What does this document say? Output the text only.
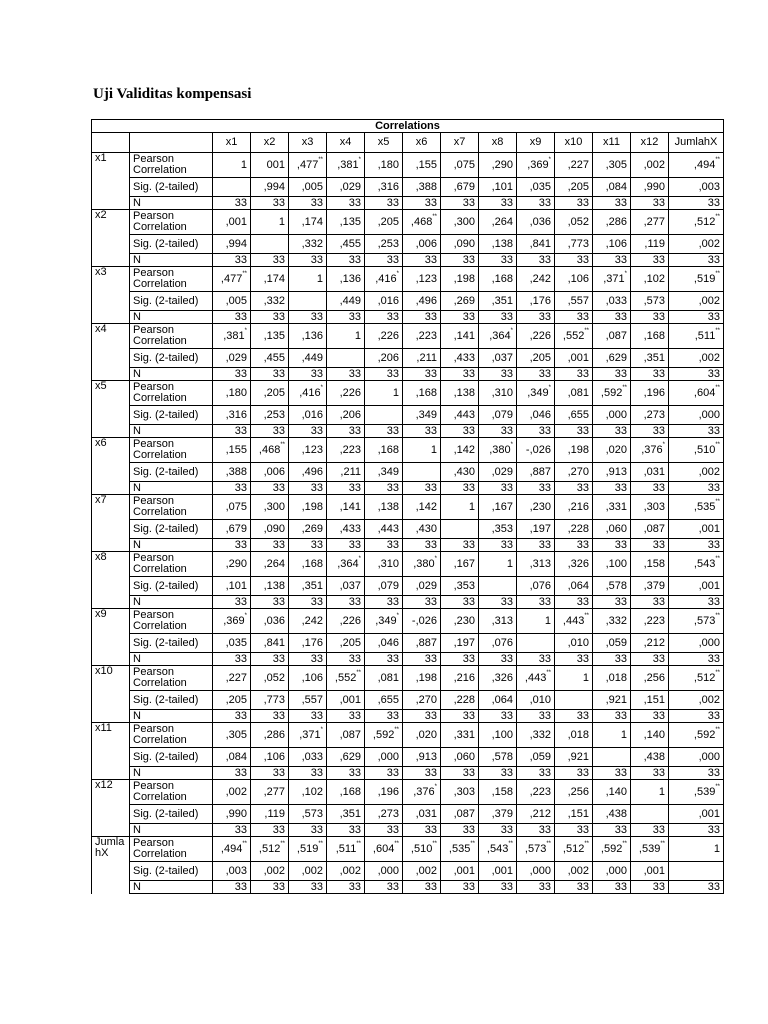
Uji Validitas kompensasi
Correlations														
		x1	x2	x3	x4	x5	x6	x7	x8	x9	x10	x11	x12	JumlahX
x1	Pearson Correlation	1	001	,477**	,381*	,180	,155	,075	,290	,369*	,227	,305	,002	,494**
	Sig. (2-tailed)		,994	,005	,029	,316	,388	,679	,101	,035	,205	,084	,990	,003
	N	33	33	33	33	33	33	33	33	33	33	33	33	33
x2	Pearson Correlation	,001	1	,174	,135	,205	,468**	,300	,264	,036	,052	,286	,277	,512**
	Sig. (2-tailed)	,994		,332	,455	,253	,006	,090	,138	,841	,773	,106	,119	,002
	N	33	33	33	33	33	33	33	33	33	33	33	33	33
x3	Pearson Correlation	,477**	,174	1	,136	,416*	,123	,198	,168	,242	,106	,371*	,102	,519**
	Sig. (2-tailed)	,005	,332		,449	,016	,496	,269	,351	,176	,557	,033	,573	,002
	N	33	33	33	33	33	33	33	33	33	33	33	33	33
x4	Pearson Correlation	,381*	,135	,136	1	,226	,223	,141	,364*	,226	,552**	,087	,168	,511**
	Sig. (2-tailed)	,029	,455	,449		,206	,211	,433	,037	,205	,001	,629	,351	,002
	N	33	33	33	33	33	33	33	33	33	33	33	33	33
x5	Pearson Correlation	,180	,205	,416*	,226	1	,168	,138	,310	,349*	,081	,592**	,196	,604**
	Sig. (2-tailed)	,316	,253	,016	,206		,349	,443	,079	,046	,655	,000	,273	,000
	N	33	33	33	33	33	33	33	33	33	33	33	33	33
x6	Pearson Correlation	,155	,468**	,123	,223	,168	1	,142	,380*	-,026	,198	,020	,376*	,510**
	Sig. (2-tailed)	,388	,006	,496	,211	,349		,430	,029	,887	,270	,913	,031	,002
	N	33	33	33	33	33	33	33	33	33	33	33	33	33
x7	Pearson Correlation	,075	,300	,198	,141	,138	,142	1	,167	,230	,216	,331	,303	,535**
	Sig. (2-tailed)	,679	,090	,269	,433	,443	,430		,353	,197	,228	,060	,087	,001
	N	33	33	33	33	33	33	33	33	33	33	33	33	33
x8	Pearson Correlation	,290	,264	,168	,364*	,310	,380*	,167	1	,313	,326	,100	,158	,543**
	Sig. (2-tailed)	,101	,138	,351	,037	,079	,029	,353		,076	,064	,578	,379	,001
	N	33	33	33	33	33	33	33	33	33	33	33	33	33
x9	Pearson Correlation	,369*	,036	,242	,226	,349*	-,026	,230	,313	1	,443**	,332	,223	,573**
	Sig. (2-tailed)	,035	,841	,176	,205	,046	,887	,197	,076		,010	,059	,212	,000
	N	33	33	33	33	33	33	33	33	33	33	33	33	33
x10	Pearson Correlation	,227	,052	,106	,552**	,081	,198	,216	,326	,443**	1	,018	,256	,512**
	Sig. (2-tailed)	,205	,773	,557	,001	,655	,270	,228	,064	,010		,921	,151	,002
	N	33	33	33	33	33	33	33	33	33	33	33	33	33
x11	Pearson Correlation	,305	,286	,371*	,087	,592**	,020	,331	,100	,332	,018	1	,140	,592**
	Sig. (2-tailed)	,084	,106	,033	,629	,000	,913	,060	,578	,059	,921		,438	,000
	N	33	33	33	33	33	33	33	33	33	33	33	33	33
x12	Pearson Correlation	,002	,277	,102	,168	,196	,376*	,303	,158	,223	,256	,140	1	,539**
	Sig. (2-tailed)	,990	,119	,573	,351	,273	,031	,087	,379	,212	,151	,438		,001
	N	33	33	33	33	33	33	33	33	33	33	33	33	33
JumlahX	Pearson Correlation	,494**	,512**	,519**	,511**	,604**	,510**	,535**	,543**	,573**	,512**	,592**	,539**	1
	Sig. (2-tailed)	,003	,002	,002	,002	,000	,002	,001	,001	,000	,002	,000	,001	
	N	33	33	33	33	33	33	33	33	33	33	33	33	33
